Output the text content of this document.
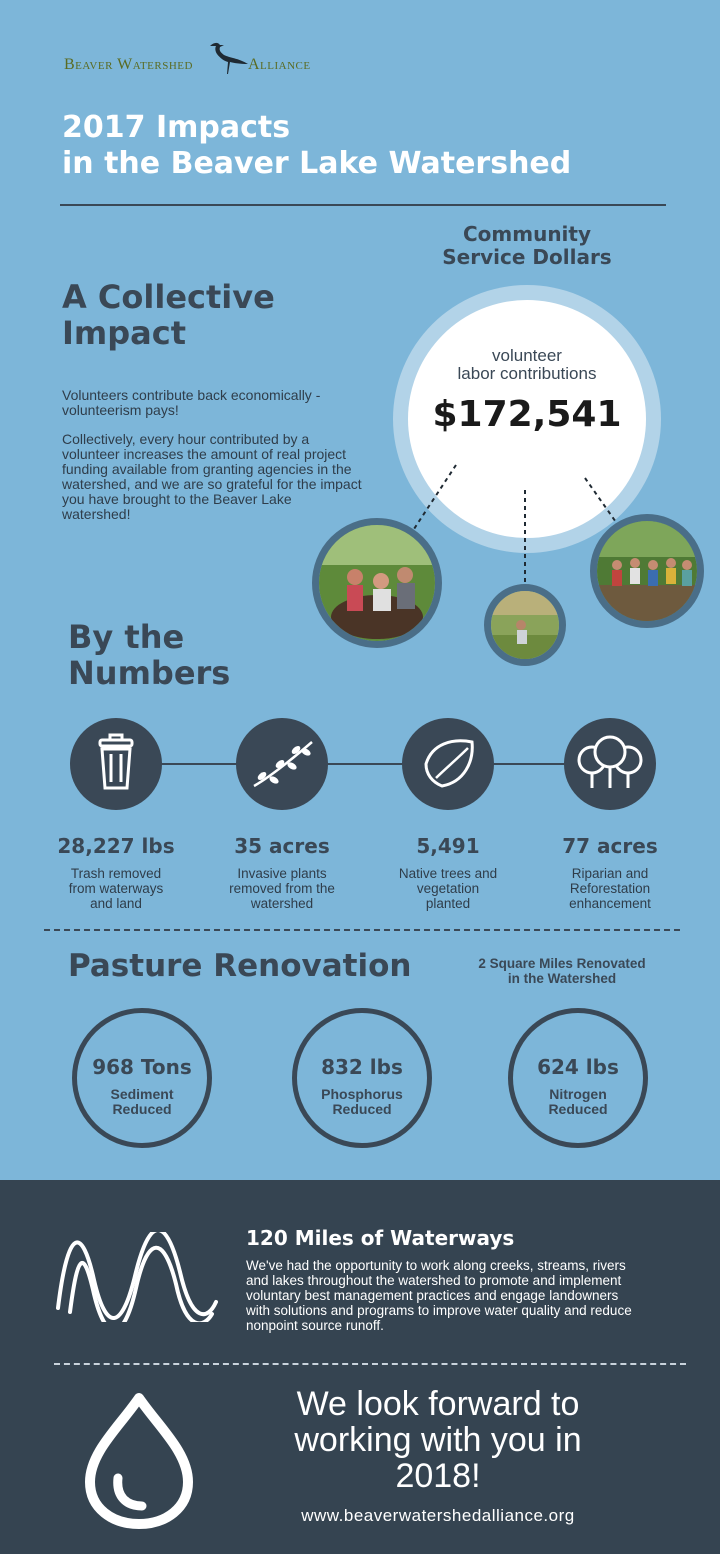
Beaver Watershed	Alliance
2017 Impacts
in the Beaver Lake Watershed
Community
Service Dollars
volunteer
labor contributions
$172,541
A Collective
Impact
Volunteers contribute back economically - volunteerism pays!
Collectively, every hour contributed by a volunteer increases the amount of real project funding available from granting agencies in the watershed, and we are so grateful for the impact you have brought to the Beaver Lake watershed!
By the
Numbers
28,227 lbs
Trash removed
from waterways
and land
35 acres
Invasive plants
removed from the
watershed
5,491
Native trees and
vegetation
planted
77 acres
Riparian and
Reforestation
enhancement
Pasture Renovation	2 Square Miles Renovated
in the Watershed
968 Tons
Sediment
Reduced
832 lbs
Phosphorus
Reduced
624 lbs
Nitrogen
Reduced
120 Miles of Waterways
We've had the opportunity to work along creeks, streams, rivers
and lakes throughout the watershed to promote and implement
voluntary best management practices and engage landowners
with solutions and programs to improve water quality and reduce
nonpoint source runoff.
We look forward to
working with you in
2018!
www.beaverwatershedalliance.org
